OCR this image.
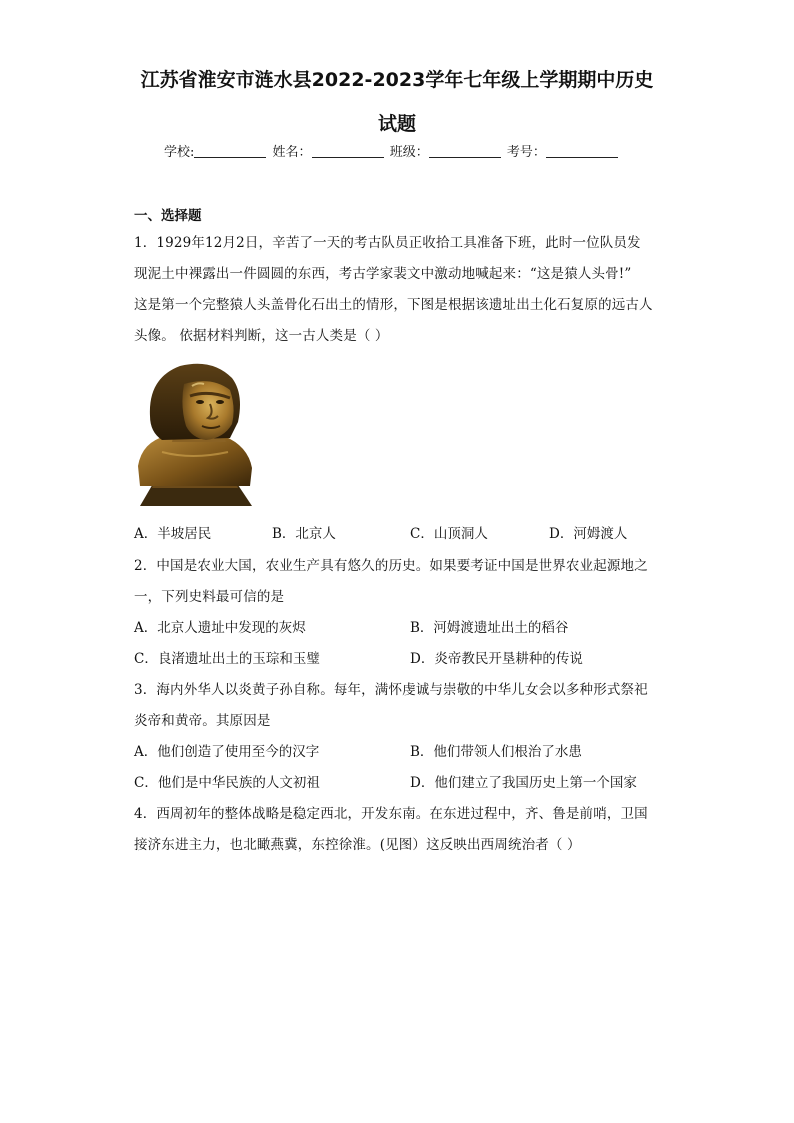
江苏省淮安市涟水县2022-2023学年七年级上学期期中历史
试题
学校:	姓名：	班级：	考号：
一、选择题
1．1929年12月2日，辛苦了一天的考古队员正收拾工具准备下班，此时一位队员发
现泥土中裸露出一件圆圆的东西，考古学家裴文中激动地喊起来：“这是猿人头骨!”
这是第一个完整猿人头盖骨化石出土的情形，下图是根据该遗址出土化石复原的远古人
头像。 依据材料判断，这一古人类是（ ）
A．半坡居民	B．北京人	C．山顶洞人	D．河姆渡人
2．中国是农业大国，农业生产具有悠久的历史。如果要考证中国是世界农业起源地之
一，下列史料最可信的是
A．北京人遗址中发现的灰烬	B．河姆渡遗址出土的稻谷
C．良渚遗址出土的玉琮和玉璧	D．炎帝教民开垦耕种的传说
3．海内外华人以炎黄子孙自称。每年，满怀虔诚与崇敬的中华儿女会以多种形式祭祀
炎帝和黄帝。其原因是
A．他们创造了使用至今的汉字	B．他们带领人们根治了水患
C．他们是中华民族的人文初祖	D．他们建立了我国历史上第一个国家
4．西周初年的整体战略是稳定西北，开发东南。在东进过程中，齐、鲁是前哨，卫国
接济东进主力，也北瞰燕冀，东控徐淮。(见图）这反映出西周统治者（ ）
